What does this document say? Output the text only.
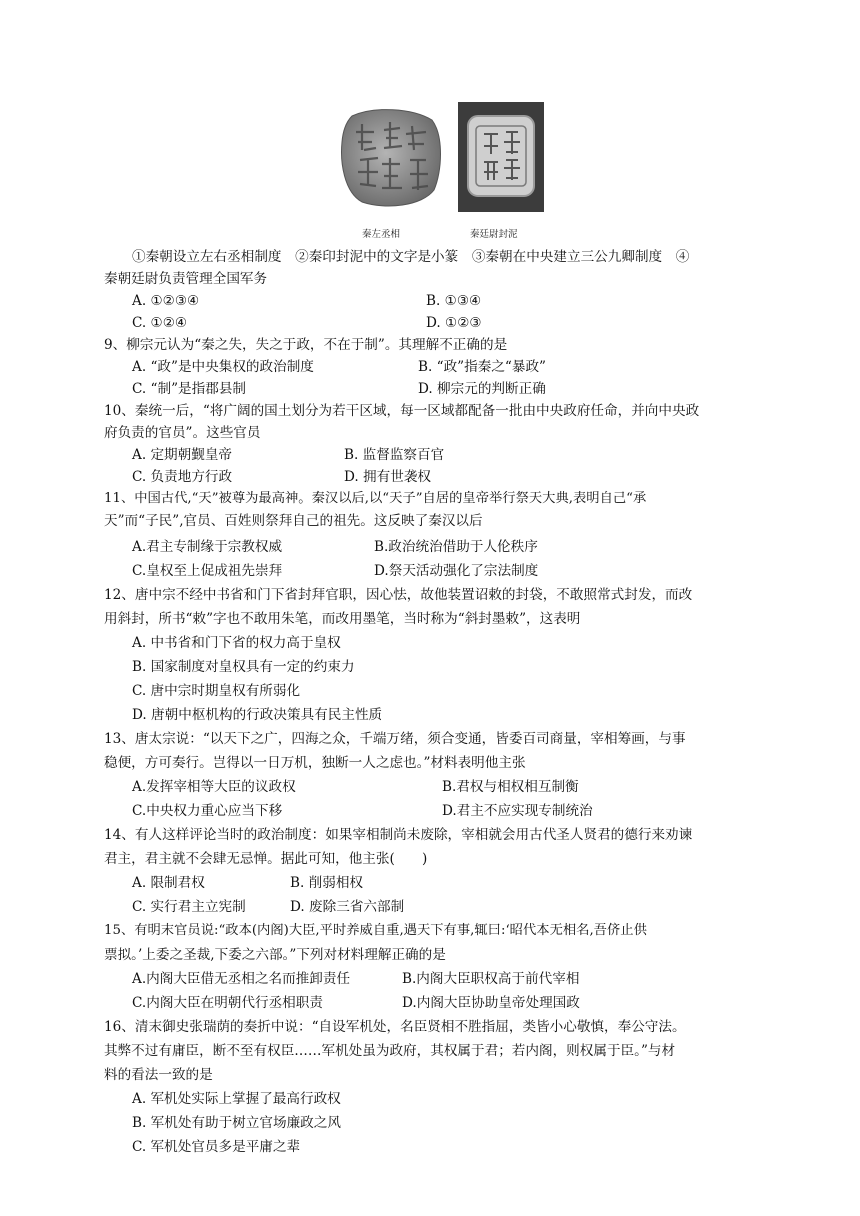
秦左丞相	秦廷尉封泥
①秦朝设立左右丞相制度　②秦印封泥中的文字是小篆　③秦朝在中央建立三公九卿制度　④
秦朝廷尉负责管理全国军务
A. ①②③④	B. ①③④
C. ①②④	D. ①②③
9、柳宗元认为“秦之失，失之于政，不在于制”。其理解不正确的是
A. “政”是中央集权的政治制度	B. “政”指秦之“暴政”
C. “制”是指郡县制	D. 柳宗元的判断正确
10、秦统一后，“将广阔的国土划分为若干区域，每一区域都配备一批由中央政府任命，并向中央政
府负责的官员”。这些官员
A. 定期朝觐皇帝	B. 监督监察百官
C. 负责地方行政	D. 拥有世袭权
11、中国古代,“天”被尊为最高神。秦汉以后,以“天子”自居的皇帝举行祭天大典,表明自己“承
天”而“子民”,官员、百姓则祭拜自己的祖先。这反映了秦汉以后
A.君主专制缘于宗教权威	B.政治统治借助于人伦秩序
C.皇权至上促成祖先崇拜	D.祭天活动强化了宗法制度
12、唐中宗不经中书省和门下省封拜官职，因心怯，故他装置诏敕的封袋，不敢照常式封发，而改
用斜封，所书“敕”字也不敢用朱笔，而改用墨笔，当时称为“斜封墨敕”，这表明
A. 中书省和门下省的权力高于皇权
B. 国家制度对皇权具有一定的约束力
C. 唐中宗时期皇权有所弱化
D. 唐朝中枢机构的行政决策具有民主性质
13、唐太宗说：“以天下之广，四海之众，千端万绪，须合变通，皆委百司商量，宰相筹画，与事
稳便，方可奏行。岂得以一日万机，独断一人之虑也。”材料表明他主张
A.发挥宰相等大臣的议政权	B.君权与相权相互制衡
C.中央权力重心应当下移	D.君主不应实现专制统治
14、有人这样评论当时的政治制度：如果宰相制尚未废除，宰相就会用古代圣人贤君的德行来劝谏
君主，君主就不会肆无忌惮。据此可知，他主张(　　)
A. 限制君权	B. 削弱相权
C. 实行君主立宪制	D. 废除三省六部制
15、有明末官员说:“政本(内阁)大臣,平时养威自重,遇天下有事,辄曰:‘昭代本无相名,吾侪止供
票拟。’上委之圣裁,下委之六部。”下列对材料理解正确的是
A.内阁大臣借无丞相之名而推卸责任	B.内阁大臣职权高于前代宰相
C.内阁大臣在明朝代行丞相职责	D.内阁大臣协助皇帝处理国政
16、清末御史张瑞荫的奏折中说：“自设军机处，名臣贤相不胜指屈，类皆小心敬慎，奉公守法。
其弊不过有庸臣，断不至有权臣……军机处虽为政府，其权属于君；若内阁，则权属于臣。”与材
料的看法一致的是
A. 军机处实际上掌握了最高行政权
B. 军机处有助于树立官场廉政之风
C. 军机处官员多是平庸之辈
